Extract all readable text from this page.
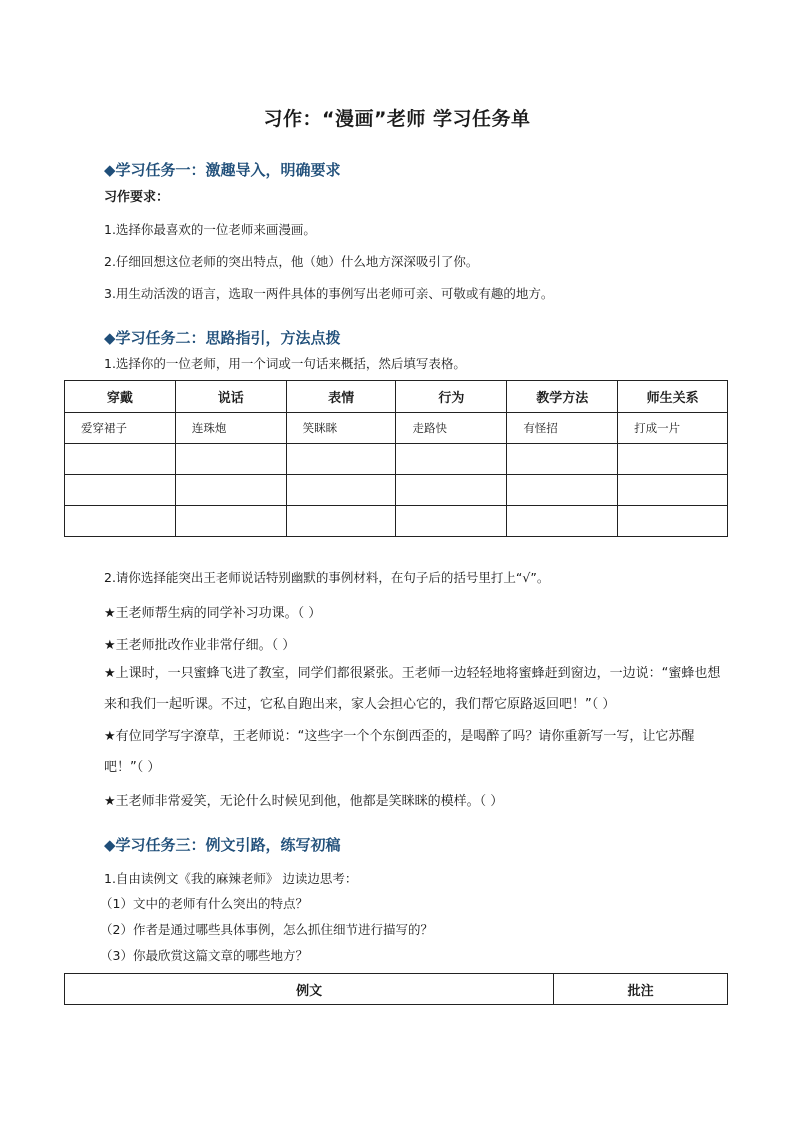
习作：“漫画”老师 学习任务单
◆学习任务一：激趣导入，明确要求
习作要求：
1.选择你最喜欢的一位老师来画漫画。
2.仔细回想这位老师的突出特点，他（她）什么地方深深吸引了你。
3.用生动活泼的语言，选取一两件具体的事例写出老师可亲、可敬或有趣的地方。
◆学习任务二：思路指引，方法点拨
1.选择你的一位老师，用一个词或一句话来概括，然后填写表格。
穿戴	说话	表情	行为	教学方法	师生关系
爱穿裙子	连珠炮	笑眯眯	走路快	有怪招	打成一片

2.请你选择能突出王老师说话特别幽默的事例材料，在句子后的括号里打上“√”。
★王老师帮生病的同学补习功课。（ ）
★王老师批改作业非常仔细。（ ）
★上课时，一只蜜蜂飞进了教室，同学们都很紧张。王老师一边轻轻地将蜜蜂赶到窗边，一边说：“蜜蜂也想来和我们一起听课。不过，它私自跑出来，家人会担心它的，我们帮它原路返回吧！”（ ）
★有位同学写字潦草，王老师说：“这些字一个个东倒西歪的，是喝醉了吗？请你重新写一写，让它苏醒吧！”（ ）
★王老师非常爱笑，无论什么时候见到他，他都是笑眯眯的模样。（ ）
◆学习任务三：例文引路，练写初稿
1.自由读例文《我的麻辣老师》 边读边思考：
（1）文中的老师有什么突出的特点？
（2）作者是通过哪些具体事例，怎么抓住细节进行描写的？
（3）你最欣赏这篇文章的哪些地方？
例文	批注
